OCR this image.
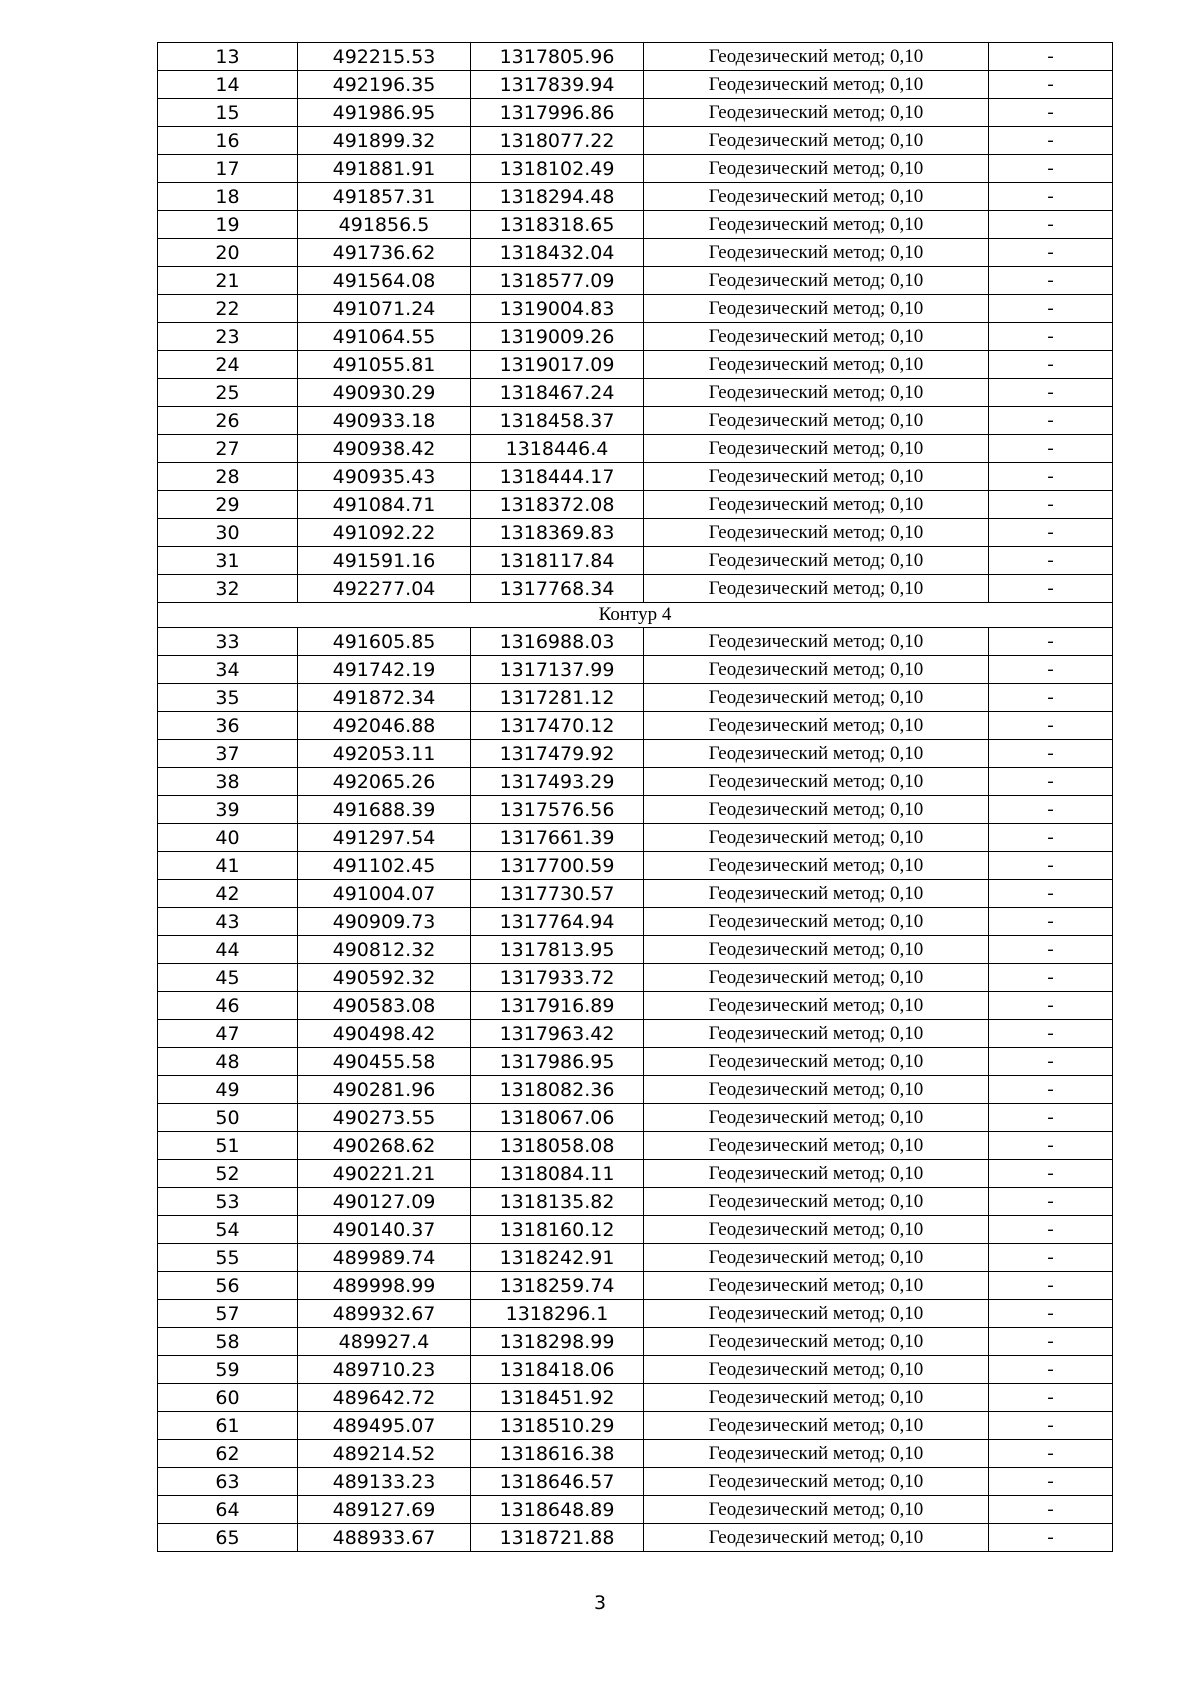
13	492215.53	1317805.96	Геодезический метод; 0,10	-
14	492196.35	1317839.94	Геодезический метод; 0,10	-
15	491986.95	1317996.86	Геодезический метод; 0,10	-
16	491899.32	1318077.22	Геодезический метод; 0,10	-
17	491881.91	1318102.49	Геодезический метод; 0,10	-
18	491857.31	1318294.48	Геодезический метод; 0,10	-
19	491856.5	1318318.65	Геодезический метод; 0,10	-
20	491736.62	1318432.04	Геодезический метод; 0,10	-
21	491564.08	1318577.09	Геодезический метод; 0,10	-
22	491071.24	1319004.83	Геодезический метод; 0,10	-
23	491064.55	1319009.26	Геодезический метод; 0,10	-
24	491055.81	1319017.09	Геодезический метод; 0,10	-
25	490930.29	1318467.24	Геодезический метод; 0,10	-
26	490933.18	1318458.37	Геодезический метод; 0,10	-
27	490938.42	1318446.4	Геодезический метод; 0,10	-
28	490935.43	1318444.17	Геодезический метод; 0,10	-
29	491084.71	1318372.08	Геодезический метод; 0,10	-
30	491092.22	1318369.83	Геодезический метод; 0,10	-
31	491591.16	1318117.84	Геодезический метод; 0,10	-
32	492277.04	1317768.34	Геодезический метод; 0,10	-
Контур 4				
33	491605.85	1316988.03	Геодезический метод; 0,10	-
34	491742.19	1317137.99	Геодезический метод; 0,10	-
35	491872.34	1317281.12	Геодезический метод; 0,10	-
36	492046.88	1317470.12	Геодезический метод; 0,10	-
37	492053.11	1317479.92	Геодезический метод; 0,10	-
38	492065.26	1317493.29	Геодезический метод; 0,10	-
39	491688.39	1317576.56	Геодезический метод; 0,10	-
40	491297.54	1317661.39	Геодезический метод; 0,10	-
41	491102.45	1317700.59	Геодезический метод; 0,10	-
42	491004.07	1317730.57	Геодезический метод; 0,10	-
43	490909.73	1317764.94	Геодезический метод; 0,10	-
44	490812.32	1317813.95	Геодезический метод; 0,10	-
45	490592.32	1317933.72	Геодезический метод; 0,10	-
46	490583.08	1317916.89	Геодезический метод; 0,10	-
47	490498.42	1317963.42	Геодезический метод; 0,10	-
48	490455.58	1317986.95	Геодезический метод; 0,10	-
49	490281.96	1318082.36	Геодезический метод; 0,10	-
50	490273.55	1318067.06	Геодезический метод; 0,10	-
51	490268.62	1318058.08	Геодезический метод; 0,10	-
52	490221.21	1318084.11	Геодезический метод; 0,10	-
53	490127.09	1318135.82	Геодезический метод; 0,10	-
54	490140.37	1318160.12	Геодезический метод; 0,10	-
55	489989.74	1318242.91	Геодезический метод; 0,10	-
56	489998.99	1318259.74	Геодезический метод; 0,10	-
57	489932.67	1318296.1	Геодезический метод; 0,10	-
58	489927.4	1318298.99	Геодезический метод; 0,10	-
59	489710.23	1318418.06	Геодезический метод; 0,10	-
60	489642.72	1318451.92	Геодезический метод; 0,10	-
61	489495.07	1318510.29	Геодезический метод; 0,10	-
62	489214.52	1318616.38	Геодезический метод; 0,10	-
63	489133.23	1318646.57	Геодезический метод; 0,10	-
64	489127.69	1318648.89	Геодезический метод; 0,10	-
65	488933.67	1318721.88	Геодезический метод; 0,10	-
3
